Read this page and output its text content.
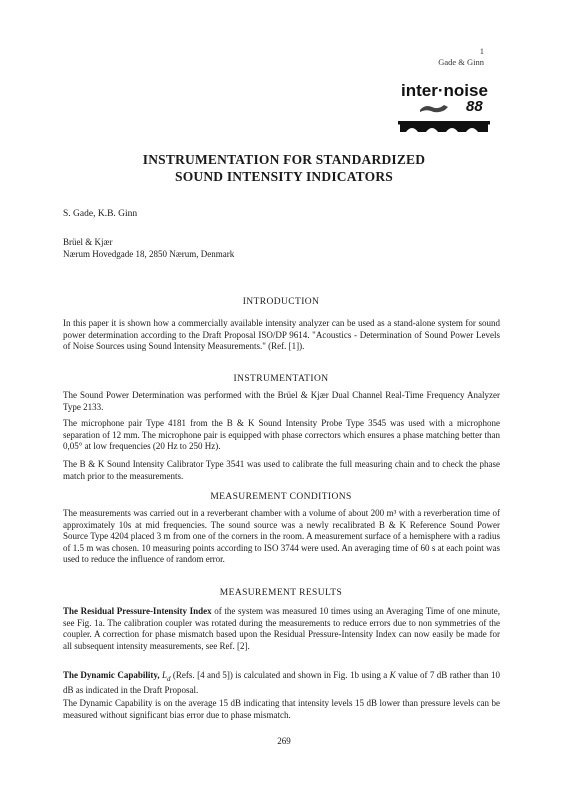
1
Gade & Ginn
inter·noise
88
INSTRUMENTATION FOR STANDARDIZED
SOUND INTENSITY INDICATORS
S. Gade, K.B. Ginn
Brüel & Kjær
Nærum Hovedgade 18, 2850 Nærum, Denmark
INTRODUCTION

In this paper it is shown how a commercially available intensity analyzer can be used as a stand-alone system for sound power determination according to the Draft Proposal ISO/DP 9614. "Acoustics - Determination of Sound Power Levels of Noise Sources using Sound Intensity Measurements." (Ref. [1]).

INSTRUMENTATION

The Sound Power Determination was performed with the Brüel & Kjær Dual Channel Real-Time Frequency Analyzer Type 2133.

The microphone pair Type 4181 from the B & K Sound Intensity Probe Type 3545 was used with a microphone separation of 12 mm. The microphone pair is equipped with phase correctors which ensures a phase matching better than 0,05° at low frequencies (20 Hz to 250 Hz).

The B & K Sound Intensity Calibrator Type 3541 was used to calibrate the full measuring chain and to check the phase match prior to the measurements.

MEASUREMENT CONDITIONS

The measurements was carried out in a reverberant chamber with a volume of about 200 m³ with a reverberation time of approximately 10s at mid frequencies. The sound source was a newly recalibrated B & K Reference Sound Power Source Type 4204 placed 3 m from one of the corners in the room. A measurement surface of a hemisphere with a radius of 1.5 m was chosen. 10 measuring points according to ISO 3744 were used. An averaging time of 60 s at each point was used to reduce the influence of random error.

MEASUREMENT RESULTS

The Residual Pressure-Intensity Index of the system was measured 10 times using an Averaging Time of one minute, see Fig. 1a. The calibration coupler was rotated during the measurements to reduce errors due to non symmetries of the coupler. A correction for phase mismatch based upon the Residual Pressure-Intensity Index can now easily be made for all subsequent intensity measurements, see Ref. [2].

The Dynamic Capability, $L_d$ (Refs. [4 and 5]) is calculated and shown in Fig. 1b using a K value of 7 dB rather than 10 dB as indicated in the Draft Proposal.

The Dynamic Capability is on the average 15 dB indicating that intensity levels 15 dB lower than pressure levels can be measured without significant bias error due to phase mismatch.

269
